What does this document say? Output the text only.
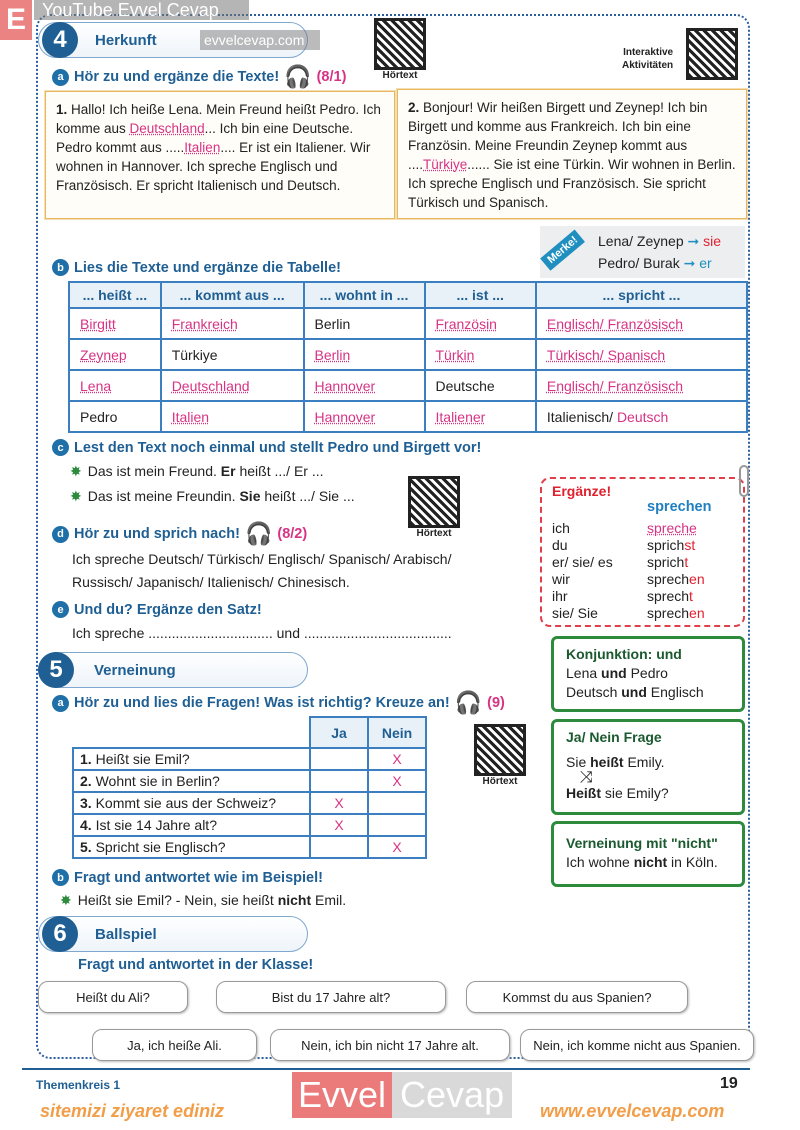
E YouTube Evvel Cevap
4	Herkunft	evvelcevap.com
Hörtext
Interaktive
Aktivitäten
a Hör zu und ergänze die Texte! 🎧 (8/1)
1. Hallo! Ich heiße Lena. Mein Freund heißt Pedro. Ich komme aus Deutschland... Ich bin eine Deutsche. Pedro kommt aus .....Italien.... Er ist ein Italiener. Wir wohnen in Hannover. Ich spreche Englisch und Französisch. Er spricht Italienisch und Deutsch.
2. Bonjour! Wir heißen Birgett und Zeynep! Ich bin Birgett und komme aus Frankreich. Ich bin eine Französin. Meine Freundin Zeynep kommt aus ....Türkiye...... Sie ist eine Türkin. Wir wohnen in Berlin. Ich spreche Englisch und Französisch. Sie spricht Türkisch und Spanisch.
Merke!	Lena/ Zeynep ➞ sie
Pedro/ Burak ➞ er
b Lies die Texte und ergänze die Tabelle!
... heißt ...	... kommt aus ...	... wohnt in ...	... ist ...	... spricht ...
Birgitt	Frankreich	Berlin	Französin	Englisch/ Französisch
Zeynep	Türkiye	Berlin	Türkin	Türkisch/ Spanisch
Lena	Deutschland	Hannover	Deutsche	Englisch/ Französisch
Pedro	Italien	Hannover	Italiener	Italienisch/ Deutsch
c Lest den Text noch einmal und stellt Pedro und Birgett vor!
✸ Das ist mein Freund. Er heißt .../ Er ...
✸ Das ist meine Freundin. Sie heißt .../ Sie ...
Hörtext
d Hör zu und sprich nach! 🎧 (8/2)
Ich spreche Deutsch/ Türkisch/ Englisch/ Spanisch/ Arabisch/
Russisch/ Japanisch/ Italienisch/ Chinesisch.
e Und du? Ergänze den Satz!
Ich spreche ................................ und ......................................
Ergänze!
sprechen
ich	spreche
du	sprichst
er/ sie/ es	spricht
wir	sprechen
ihr	sprecht
sie/ Sie	sprechen
5	Verneinung
a Hör zu und lies die Fragen! Was ist richtig? Kreuze an! 🎧 (9)
	Ja	Nein
1. Heißt sie Emil?		X
2. Wohnt sie in Berlin?		X
3. Kommt sie aus der Schweiz?	X	
4. Ist sie 14 Jahre alt?	X	
5. Spricht sie Englisch?		X
Hörtext
b Fragt und antwortet wie im Beispiel!
✸ Heißt sie Emil? - Nein, sie heißt nicht Emil.
Konjunktion: und
Lena und Pedro
Deutsch und Englisch
Ja/ Nein Frage
Sie heißt Emily.
⤨
Heißt sie Emily?
Verneinung mit "nicht"
Ich wohne nicht in Köln.
6	Ballspiel
Fragt und antwortet in der Klasse!
Heißt du Ali?	Bist du 17 Jahre alt?	Kommst du aus Spanien?
Ja, ich heiße Ali.	Nein, ich bin nicht 17 Jahre alt.	Nein, ich komme nicht aus Spanien.
Themenkreis 1	19
Evvel Cevap
sitemizi ziyaret ediniz	www.evvelcevap.com
